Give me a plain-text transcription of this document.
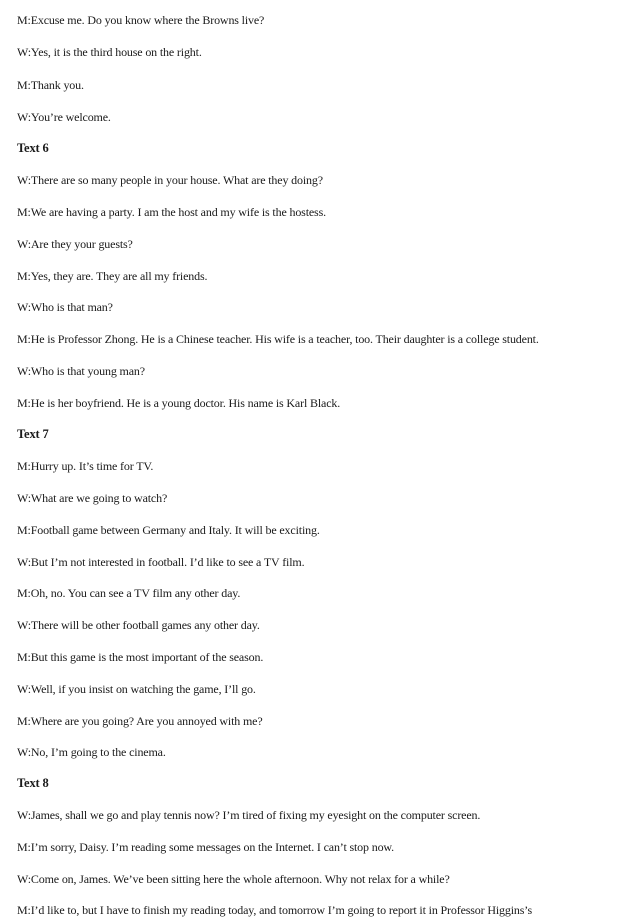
M:Excuse me. Do you know where the Browns live?
W:Yes, it is the third house on the right.
M:Thank you.
W:You’re welcome.
Text 6
W:There are so many people in your house. What are they doing?
M:We are having a party. I am the host and my wife is the hostess.
W:Are they your guests?
M:Yes, they are. They are all my friends.
W:Who is that man?
M:He is Professor Zhong. He is a Chinese teacher. His wife is a teacher, too. Their daughter is a college student.
W:Who is that young man?
M:He is her boyfriend. He is a young doctor. His name is Karl Black.
Text 7
M:Hurry up. It’s time for TV.
W:What are we going to watch?
M:Football game between Germany and Italy. It will be exciting.
W:But I’m not interested in football. I’d like to see a TV film.
M:Oh, no. You can see a TV film any other day.
W:There will be other football games any other day.
M:But this game is the most important of the season.
W:Well, if you insist on watching the game, I’ll go.
M:Where are you going? Are you annoyed with me?
W:No, I’m going to the cinema.
Text 8
W:James, shall we go and play tennis now? I’m tired of fixing my eyesight on the computer screen.
M:I’m sorry, Daisy. I’m reading some messages on the Internet. I can’t stop now.
W:Come on, James. We’ve been sitting here the whole afternoon. Why not relax for a while?
M:I’d like to, but I have to finish my reading today, and tomorrow I’m going to report it in Professor Higgins’s
